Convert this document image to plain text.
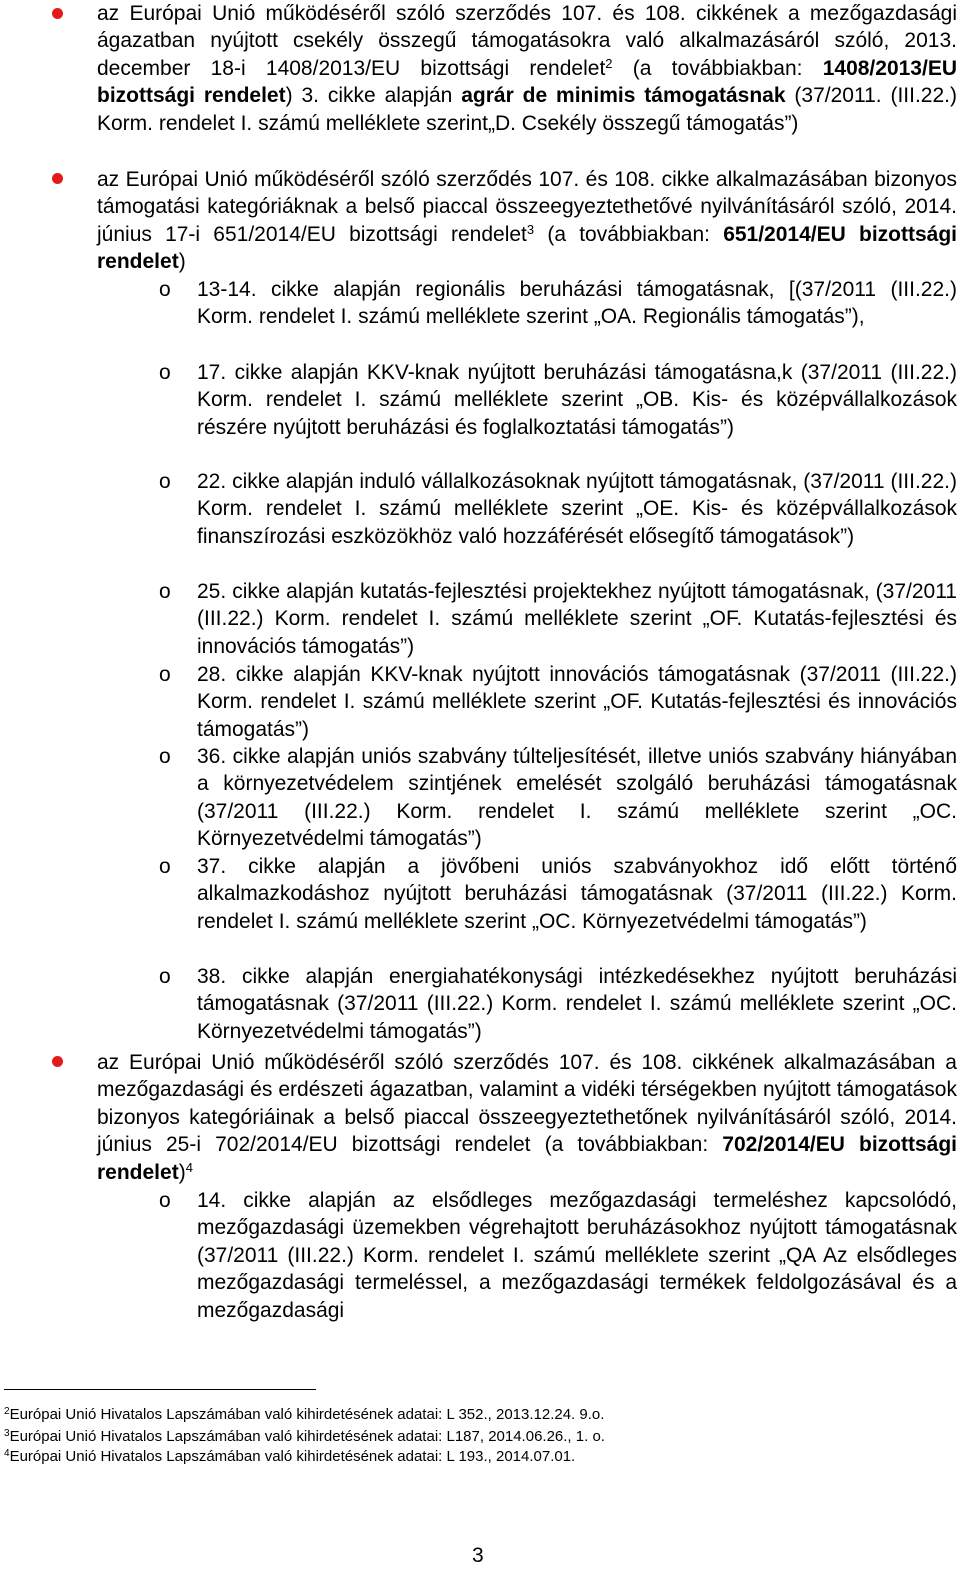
az Európai Unió működéséről szóló szerződés 107. és 108. cikkének a mezőgazdasági ágazatban nyújtott csekély összegű támogatásokra való alkalmazásáról szóló, 2013. december 18-i 1408/2013/EU bizottsági rendelet$^2$ (a továbbiakban: 1408/2013/EU bizottsági rendelet) 3. cikke alapján agrár de minimis támogatásnak (37/2011. (III.22.) Korm. rendelet I. számú melléklete szerint„D. Csekély összegű támogatás”)
az Európai Unió működéséről szóló szerződés 107. és 108. cikke alkalmazásában bizonyos támogatási kategóriáknak a belső piaccal összeegyeztethetővé nyilvánításáról szóló, 2014. június 17-i 651/2014/EU bizottsági rendelet$^3$ (a továbbiakban: 651/2014/EU bizottsági rendelet)
o 13-14. cikke alapján regionális beruházási támogatásnak, [(37/2011 (III.22.) Korm. rendelet I. számú melléklete szerint „OA. Regionális támogatás”),
o 17. cikke alapján KKV-knak nyújtott beruházási támogatásna,k (37/2011 (III.22.) Korm. rendelet I. számú melléklete szerint „OB. Kis- és középvállalkozások részére nyújtott beruházási és foglalkoztatási támogatás”)
o 22. cikke alapján induló vállalkozásoknak nyújtott támogatásnak, (37/2011 (III.22.) Korm. rendelet I. számú melléklete szerint „OE. Kis- és középvállalkozások finanszírozási eszközökhöz való hozzáférését elősegítő támogatások”)
o 25. cikke alapján kutatás-fejlesztési projektekhez nyújtott támogatásnak, (37/2011 (III.22.) Korm. rendelet I. számú melléklete szerint „OF. Kutatás-fejlesztési és innovációs támogatás”)
o 28. cikke alapján KKV-knak nyújtott innovációs támogatásnak (37/2011 (III.22.) Korm. rendelet I. számú melléklete szerint „OF. Kutatás-fejlesztési és innovációs támogatás”)
o 36. cikke alapján uniós szabvány túlteljesítését, illetve uniós szabvány hiányában a környezetvédelem szintjének emelését szolgáló beruházási támogatásnak (37/2011 (III.22.) Korm. rendelet I. számú melléklete szerint „OC. Környezetvédelmi támogatás”)
o 37. cikke alapján a jövőbeni uniós szabványokhoz idő előtt történő alkalmazkodáshoz nyújtott beruházási támogatásnak (37/2011 (III.22.) Korm. rendelet I. számú melléklete szerint „OC. Környezetvédelmi támogatás”)
o 38. cikke alapján energiahatékonysági intézkedésekhez nyújtott beruházási támogatásnak (37/2011 (III.22.) Korm. rendelet I. számú melléklete szerint „OC. Környezetvédelmi támogatás”)
az Európai Unió működéséről szóló szerződés 107. és 108. cikkének alkalmazásában a mezőgazdasági és erdészeti ágazatban, valamint a vidéki térségekben nyújtott támogatások bizonyos kategóriáinak a belső piaccal összeegyeztethetőnek nyilvánításáról szóló, 2014. június 25-i 702/2014/EU bizottsági rendelet (a továbbiakban: 702/2014/EU bizottsági rendelet)$^4$
o 14. cikke alapján az elsődleges mezőgazdasági termeléshez kapcsolódó, mezőgazdasági üzemekben végrehajtott beruházásokhoz nyújtott támogatásnak (37/2011 (III.22.) Korm. rendelet I. számú melléklete szerint „QA Az elsődleges mezőgazdasági termeléssel, a mezőgazdasági termékek feldolgozásával és a mezőgazdasági
$^2$Európai Unió Hivatalos Lapszámában való kihirdetésének adatai: L 352., 2013.12.24. 9.o.
$^3$Európai Unió Hivatalos Lapszámában való kihirdetésének adatai: L187, 2014.06.26., 1. o.
$^4$Európai Unió Hivatalos Lapszámában való kihirdetésének adatai: L 193., 2014.07.01.
3
